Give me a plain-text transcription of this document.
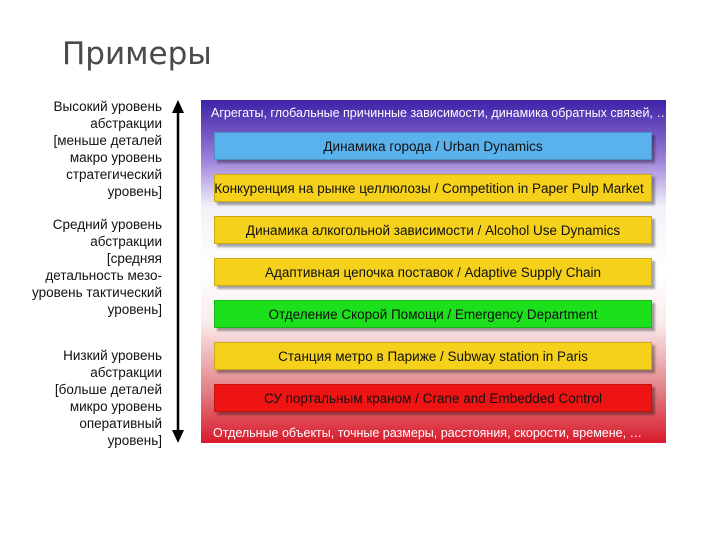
Примеры
Высокий уровень
абстракции
[меньше деталей
макро уровень
стратегический
уровень]
Средний уровень
абстракции
[средняя
детальность мезо-
уровень тактический
уровень]
Низкий уровень
абстракции
[больше деталей
микро уровень
оперативный
уровень]
Агрегаты, глобальные причинные зависимости, динамика обратных связей, …
Динамика города / Urban Dynamics
Конкуренция на рынке целлюлозы / Competition in Paper Pulp Market
Динамика алкогольной зависимости / Alcohol Use Dynamics
Адаптивная цепочка поставок / Adaptive Supply Chain
Отделение Скорой Помощи / Emergency Department
Станция метро в Париже / Subway station in Paris
СУ портальным краном / Crane and Embedded Control
Отдельные объекты, точные размеры, расстояния, скорости, времене, …
